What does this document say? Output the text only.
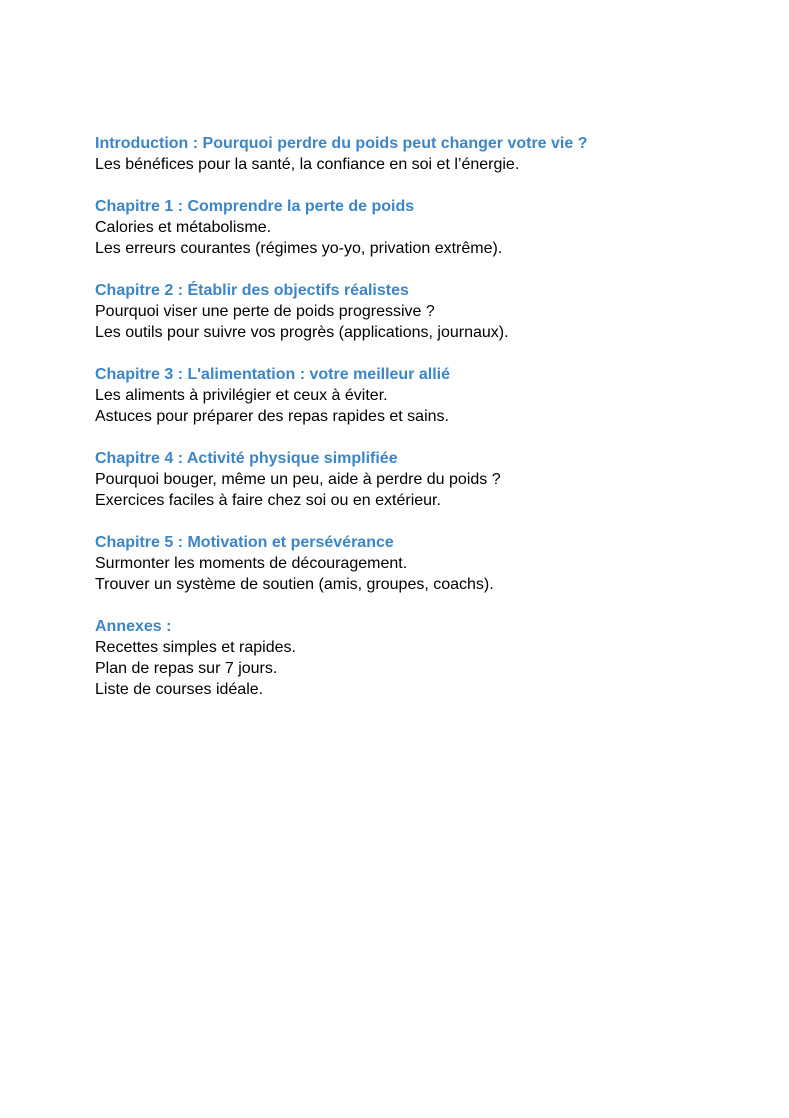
Introduction : Pourquoi perdre du poids peut changer votre vie ?
Les bénéfices pour la santé, la confiance en soi et l’énergie.
Chapitre 1 : Comprendre la perte de poids
Calories et métabolisme.
Les erreurs courantes (régimes yo-yo, privation extrême).
Chapitre 2 : Établir des objectifs réalistes
Pourquoi viser une perte de poids progressive ?
Les outils pour suivre vos progrès (applications, journaux).
Chapitre 3 : L'alimentation : votre meilleur allié
Les aliments à privilégier et ceux à éviter.
Astuces pour préparer des repas rapides et sains.
Chapitre 4 : Activité physique simplifiée
Pourquoi bouger, même un peu, aide à perdre du poids ?
Exercices faciles à faire chez soi ou en extérieur.
Chapitre 5 : Motivation et persévérance
Surmonter les moments de découragement.
Trouver un système de soutien (amis, groupes, coachs).
Annexes :
Recettes simples et rapides.
Plan de repas sur 7 jours.
Liste de courses idéale.
